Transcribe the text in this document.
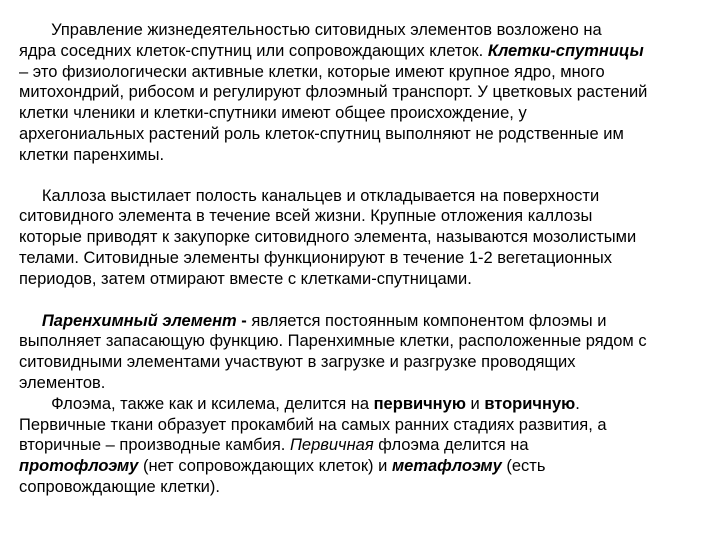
Управление жизнедеятельностью ситовидных элементов возложено на
ядра соседних клеток-спутниц или сопровождающих клеток. Клетки-спутницы
– это физиологически активные клетки, которые имеют крупное ядро, много
митохондрий, рибосом и регулируют флоэмный транспорт. У цветковых растений
клетки членики и клетки-спутники имеют общее происхождение, у
архегониальных растений роль клеток-спутниц выполняют не родственные им
клетки паренхимы.

Каллоза выстилает полость канальцев и откладывается на поверхности
ситовидного элемента в течение всей жизни. Крупные отложения каллозы
которые приводят к закупорке ситовидного элемента, называются мозолистыми
телами. Ситовидные элементы функционируют в течение 1-2 вегетационных
периодов, затем отмирают вместе с клетками-спутницами.

Паренхимный элемент - является постоянным компонентом флоэмы и
выполняет запасающую функцию. Паренхимные клетки, расположенные рядом с
ситовидными элементами участвуют в загрузке и разгрузке проводящих
элементов.
Флоэма, также как и ксилема, делится на первичную и вторичную.
Первичные ткани образует прокамбий на самых ранних стадиях развития, а
вторичные – производные камбия. Первичная флоэма делится на
протофлоэму (нет сопровождающих клеток) и метафлоэму (есть
сопровождающие клетки).
